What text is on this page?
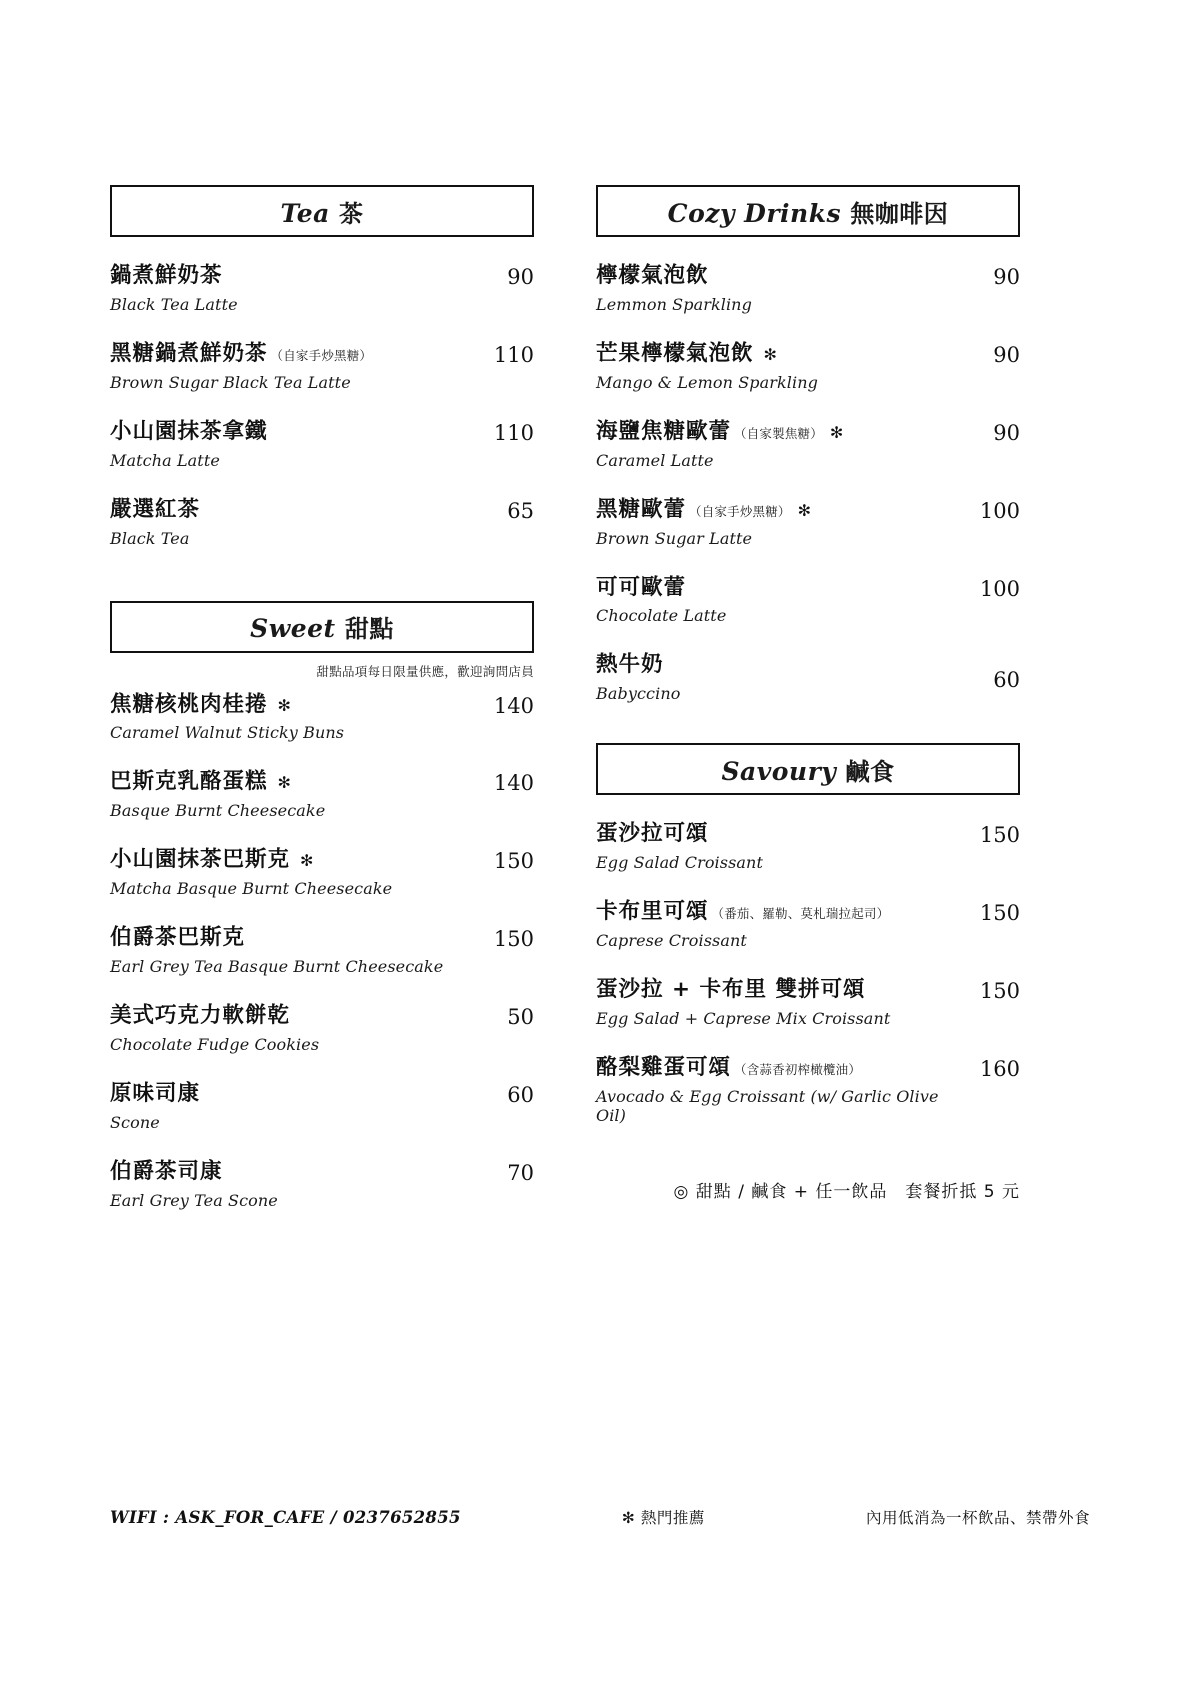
Tea 茶
鍋煮鮮奶茶
Black Tea Latte
90
黑糖鍋煮鮮奶茶 （自家手炒黑糖）
Brown Sugar Black Tea Latte
110
小山園抹茶拿鐵
Matcha Latte
110
嚴選紅茶
Black Tea
65
Sweet 甜點
甜點品項每日限量供應，歡迎詢問店員
焦糖核桃肉桂捲 ✻
Caramel Walnut Sticky Buns
140
巴斯克乳酪蛋糕 ✻
Basque Burnt Cheesecake
140
小山園抹茶巴斯克 ✻
Matcha Basque Burnt Cheesecake
150
伯爵茶巴斯克
Earl Grey Tea Basque Burnt Cheesecake
150
美式巧克力軟餅乾
Chocolate Fudge Cookies
50
原味司康
Scone
60
伯爵茶司康
Earl Grey Tea Scone
70
Cozy Drinks 無咖啡因
檸檬氣泡飲
Lemmon Sparkling
90
芒果檸檬氣泡飲 ✻
Mango & Lemon Sparkling
90
海鹽焦糖歐蕾 （自家製焦糖） ✻
Caramel Latte
90
黑糖歐蕾 （自家手炒黑糖） ✻
Brown Sugar Latte
100
可可歐蕾
Chocolate Latte
100
熱牛奶
Babyccino
60
Savoury 鹹食
蛋沙拉可頌
Egg Salad Croissant
150
卡布里可頌 （番茄、羅勒、莫札瑞拉起司）
Caprese Croissant
150
蛋沙拉 + 卡布里 雙拼可頌
Egg Salad + Caprese Mix Croissant
150
酪梨雞蛋可頌 （含蒜香初榨橄欖油）
Avocado & Egg Croissant (w/ Garlic Olive Oil)
160
◎ 甜點 / 鹹食 + 任一飲品　套餐折抵 5 元
WIFI : ASK_FOR_CAFE / 0237652855	✻ 熱門推薦	內用低消為一杯飲品、禁帶外食
